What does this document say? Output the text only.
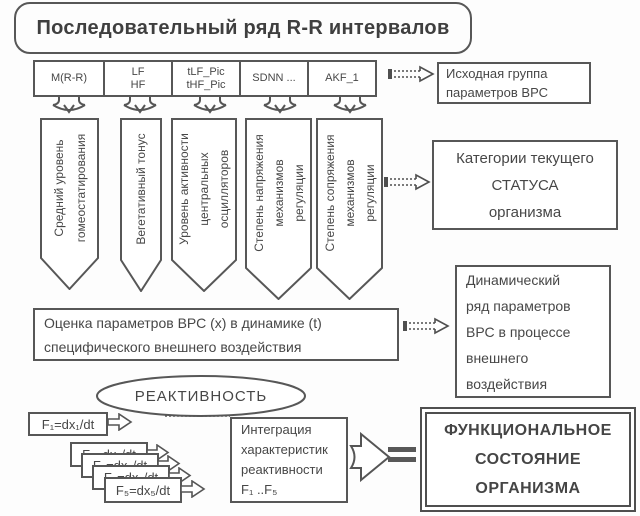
Последовательный ряд R-R интервалов
M(R-R)
LF
HF
tLF_Pic
tHF_Pic
SDNN ...	AKF_1	Исходная группа
параметров ВРС
Средний уровень гомеостатирования	Вегетативный тонус Уровень активности центральных осцилляторов Степень напряжения механизмов регуляции Степень сопряжения механизмов регуляции
Категории текущего
СТАТУСА
организма
Оценка параметров ВРС (x) в динамике (t)
специфического внешнего воздействия
Динамический
ряд параметров
ВРС в процессе
внешнего
воздействия
РЕАКТИВНОСТЬ
F₁=dx₁/dt
F₅=dx₅/dt
Интеграция
характеристик
реактивности
F₁ ..F₅
ФУНКЦИОНАЛЬНОЕ
СОСТОЯНИЕ
ОРГАНИЗМА
